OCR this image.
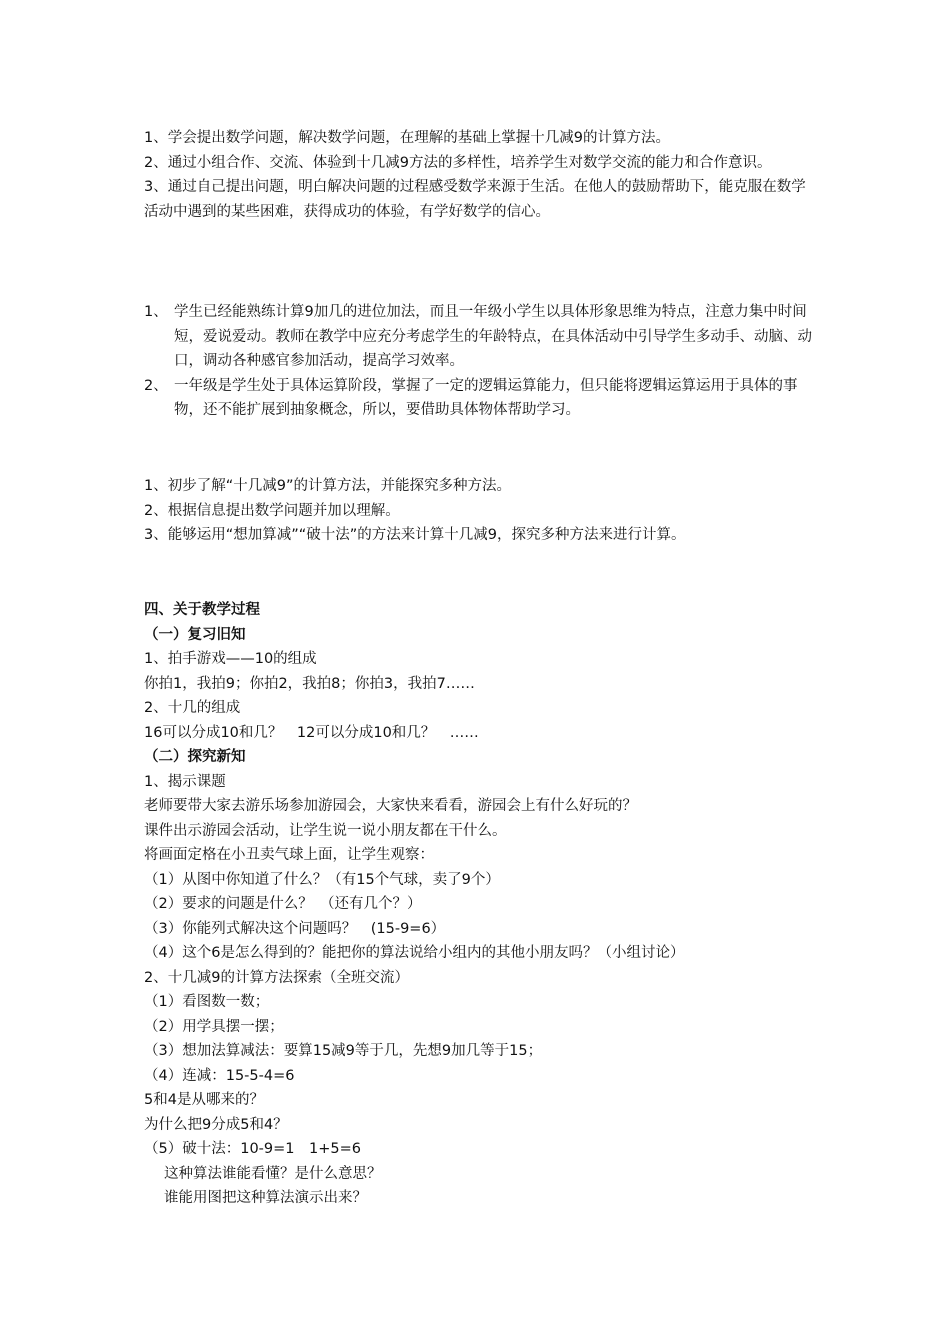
1、学会提出数学问题，解决数学问题，在理解的基础上掌握十几减9的计算方法。
2、通过小组合作、交流、体验到十几减9方法的多样性，培养学生对数学交流的能力和合作意识。
3、通过自己提出问题，明白解决问题的过程感受数学来源于生活。在他人的鼓励帮助下，能克服在数学活动中遇到的某些困难，获得成功的体验，有学好数学的信心。
1、 学生已经能熟练计算9加几的进位加法，而且一年级小学生以具体形象思维为特点，注意力集中时间短，爱说爱动。教师在教学中应充分考虑学生的年龄特点，在具体活动中引导学生多动手、动脑、动口，调动各种感官参加活动，提高学习效率。
2、 一年级是学生处于具体运算阶段，掌握了一定的逻辑运算能力，但只能将逻辑运算运用于具体的事物，还不能扩展到抽象概念，所以，要借助具体物体帮助学习。
1、初步了解“十几减9”的计算方法，并能探究多种方法。
2、根据信息提出数学问题并加以理解。
3、能够运用“想加算减”“破十法”的方法来计算十几减9，探究多种方法来进行计算。
四、关于教学过程
（一）复习旧知
1、拍手游戏——10的组成
你拍1，我拍9；你拍2，我拍8；你拍3，我拍7……
2、十几的组成
16可以分成10和几？　12可以分成10和几？　……
（二）探究新知
1、揭示课题
老师要带大家去游乐场参加游园会，大家快来看看，游园会上有什么好玩的？
课件出示游园会活动，让学生说一说小朋友都在干什么。
将画面定格在小丑卖气球上面，让学生观察：
（1）从图中你知道了什么？（有15个气球，卖了9个）
（2）要求的问题是什么？　（还有几个？）
（3）你能列式解决这个问题吗？　(15-9=6）
（4）这个6是怎么得到的？能把你的算法说给小组内的其他小朋友吗？（小组讨论）
2、十几减9的计算方法探索（全班交流）
（1）看图数一数；
（2）用学具摆一摆；
（3）想加法算减法：要算15减9等于几，先想9加几等于15；
（4）连减：15-5-4=6
5和4是从哪来的？
为什么把9分成5和4？
（5）破十法：10-9=1　1+5=6
这种算法谁能看懂？是什么意思？
谁能用图把这种算法演示出来？
